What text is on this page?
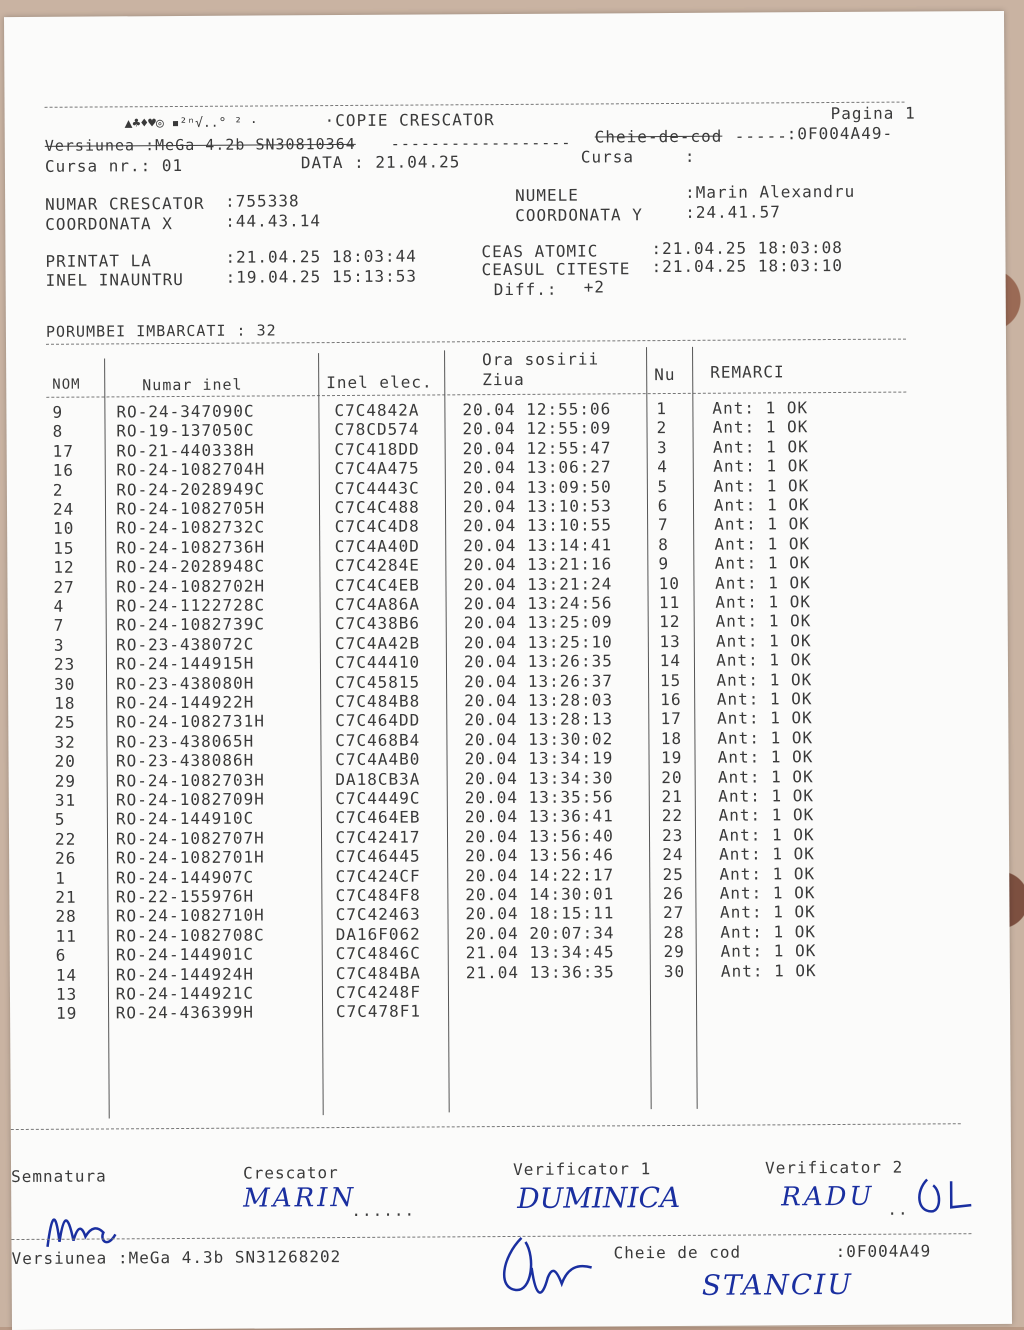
▲♣♦♥◎ ▪²ⁿ√..° ² ·	·COPIE CRESCATOR	Pagina 1
Versiunea :MeGa 4.2b SN30810364 ------------------ Cheie-de-cod -----
:0F004A49-
Cursa nr.: 01	DATA : 21.04.25	Cursa	:
NUMAR CRESCATOR :755338	NUMELE	:Marin Alexandru
COORDONATA X	:44.43.14	COORDONATA Y	:24.41.57
PRINTAT LA	:21.04.25 18:03:44	CEAS ATOMIC	:21.04.25 18:03:08
INEL INAUNTRU	:19.04.25 15:13:53	CEASUL CITESTE :21.04.25 18:03:10
Diff.: +2
PORUMBEI IMBARCATI : 32
NOM	Numar inel	Inel elec.
Ora sosirii
Ziua	Nu REMARCI
9	RO-24-347090C	C7C4842A	20.04 12:55:06	1	Ant: 1 OK
8	RO-19-137050C	C78CD574	20.04 12:55:09	2	Ant: 1 OK
17	RO-21-440338H	C7C418DD	20.04 12:55:47	3	Ant: 1 OK
16	RO-24-1082704H	C7C4A475	20.04 13:06:27	4	Ant: 1 OK
2	RO-24-2028949C	C7C4443C	20.04 13:09:50	5	Ant: 1 OK
24	RO-24-1082705H	C7C4C488	20.04 13:10:53	6	Ant: 1 OK
10	RO-24-1082732C	C7C4C4D8	20.04 13:10:55	7	Ant: 1 OK
15	RO-24-1082736H	C7C4A40D	20.04 13:14:41	8	Ant: 1 OK
12	RO-24-2028948C	C7C4284E	20.04 13:21:16	9	Ant: 1 OK
27	RO-24-1082702H	C7C4C4EB	20.04 13:21:24	10 Ant: 1 OK
4	RO-24-1122728C	C7C4A86A	20.04 13:24:56	11 Ant: 1 OK
7	RO-24-1082739C	C7C438B6	20.04 13:25:09	12 Ant: 1 OK
3	RO-23-438072C	C7C4A42B	20.04 13:25:10	13 Ant: 1 OK
23	RO-24-144915H	C7C44410	20.04 13:26:35	14 Ant: 1 OK
30	RO-23-438080H	C7C45815	20.04 13:26:37	15 Ant: 1 OK
18	RO-24-144922H	C7C484B8	20.04 13:28:03	16 Ant: 1 OK
25	RO-24-1082731H	C7C464DD	20.04 13:28:13	17 Ant: 1 OK
32	RO-23-438065H	C7C468B4	20.04 13:30:02	18 Ant: 1 OK
20	RO-23-438086H	C7C4A4B0	20.04 13:34:19	19 Ant: 1 OK
29 RO-24-1082703H	DA18CB3A	20.04 13:34:30	20 Ant: 1 OK
31 RO-24-1082709H	C7C4449C	20.04 13:35:56	21 Ant: 1 OK
5	RO-24-144910C	C7C464EB	20.04 13:36:41	22 Ant: 1 OK
22 RO-24-1082707H	C7C42417	20.04 13:56:40	23 Ant: 1 OK
26 RO-24-1082701H	C7C46445	20.04 13:56:46	24 Ant: 1 OK
1	RO-24-144907C	C7C424CF	20.04 14:22:17	25 Ant: 1 OK
21 RO-22-155976H	C7C484F8	20.04 14:30:01	26 Ant: 1 OK
28 RO-24-1082710H	C7C42463	20.04 18:15:11	27 Ant: 1 OK
11 RO-24-1082708C	DA16F062	20.04 20:07:34	28 Ant: 1 OK
6	RO-24-144901C	C7C4846C	21.04 13:34:45	29 Ant: 1 OK
14 RO-24-144924H	C7C484BA	21.04 13:36:35	30 Ant: 1 OK
13 RO-24-144921C	C7C4248F
19 RO-24-436399H	C7C478F1
Semnatura	Crescator	Verificator 1	Verificator 2
MARIN
......	DUMINICA	RADU ..
Versiunea :MeGa 4.3b SN31268202	Cheie de cod	:0F004A49
STANCIU
